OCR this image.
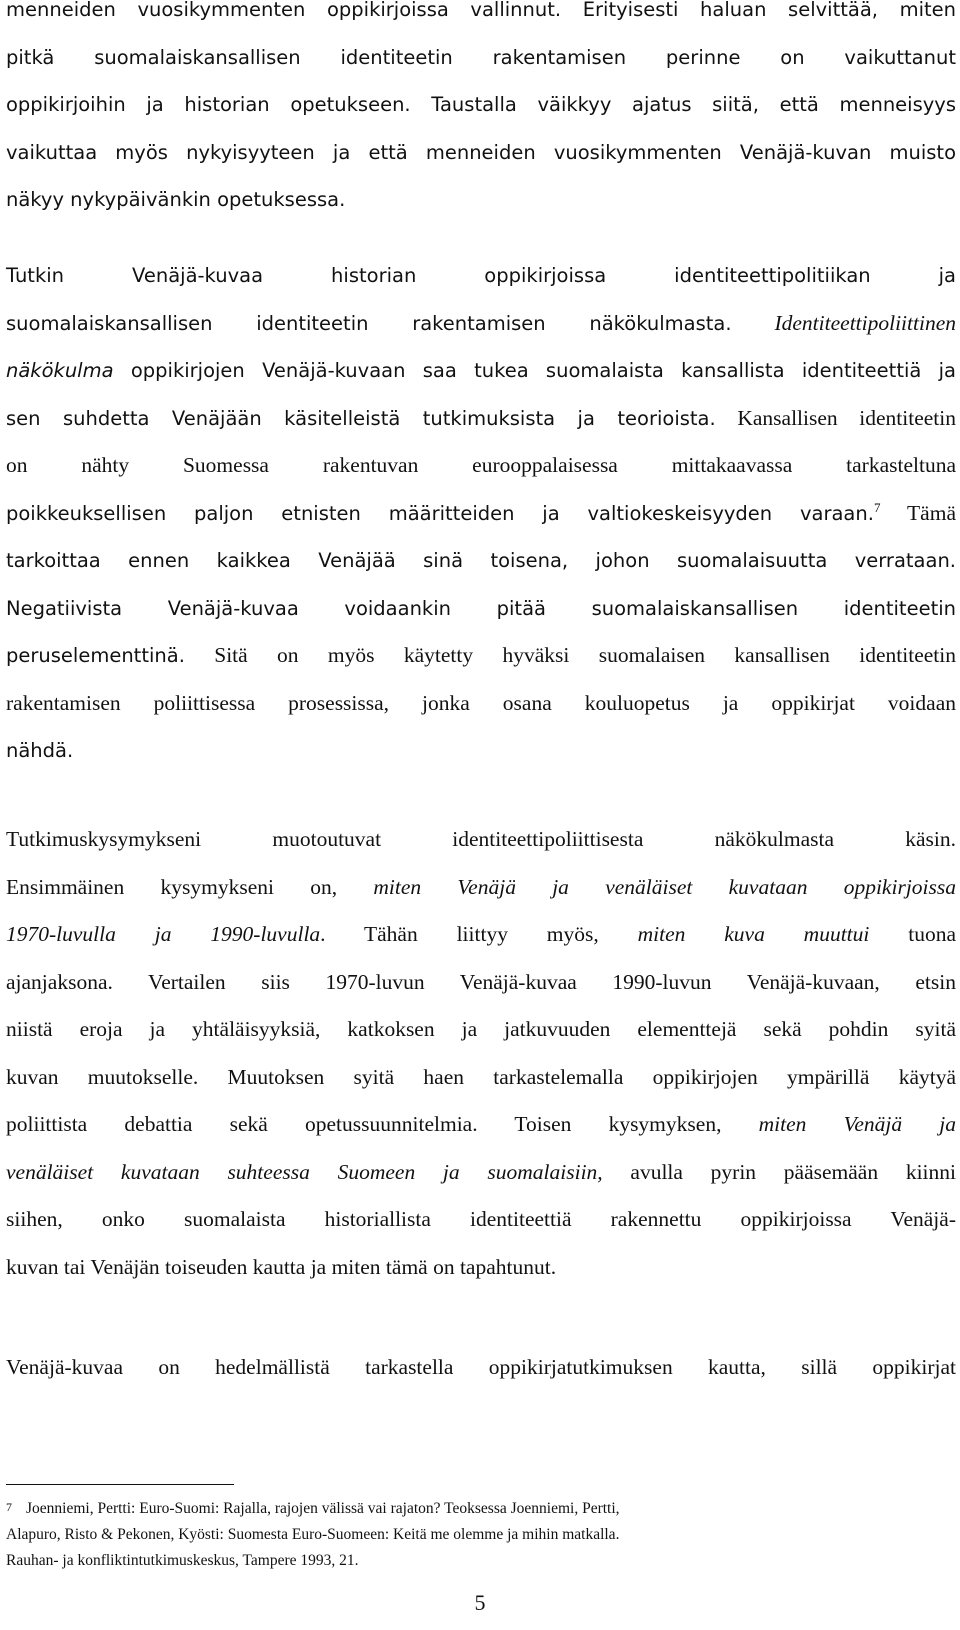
menneiden vuosikymmenten oppikirjoissa vallinnut. Erityisesti haluan selvittää, miten
pitkä suomalaiskansallisen identiteetin rakentamisen perinne on vaikuttanut
oppikirjoihin ja historian opetukseen. Taustalla väikkyy ajatus siitä, että menneisyys
vaikuttaa myös nykyisyyteen ja että menneiden vuosikymmenten Venäjä-kuvan muisto
näkyy nykypäivänkin opetuksessa.
Tutkin Venäjä-kuvaa historian oppikirjoissa identiteettipolitiikan ja
suomalaiskansallisen identiteetin rakentamisen näkökulmasta. Identiteettipoliittinen
näkökulma oppikirjojen Venäjä-kuvaan saa tukea suomalaista kansallista identiteettiä ja
sen suhdetta Venäjään käsitelleistä tutkimuksista ja teorioista. Kansallisen identiteetin
on nähty Suomessa rakentuvan eurooppalaisessa mittakaavassa tarkasteltuna
poikkeuksellisen paljon etnisten määritteiden ja valtiokeskeisyyden varaan.$^7$ Tämä
tarkoittaa ennen kaikkea Venäjää sinä toisena, johon suomalaisuutta verrataan.
Negatiivista Venäjä-kuvaa voidaankin pitää suomalaiskansallisen identiteetin
peruselementtinä. Sitä on myös käytetty hyväksi suomalaisen kansallisen identiteetin
rakentamisen poliittisessa prosessissa, jonka osana kouluopetus ja oppikirjat voidaan
nähdä.
Tutkimuskysymykseni muotoutuvat identiteettipoliittisesta näkökulmasta käsin.
Ensimmäinen kysymykseni on, miten Venäjä ja venäläiset kuvataan oppikirjoissa
1970-luvulla ja 1990-luvulla. Tähän liittyy myös, miten kuva muuttui tuona
ajanjaksona. Vertailen siis 1970-luvun Venäjä-kuvaa 1990-luvun Venäjä-kuvaan, etsin
niistä eroja ja yhtäläisyyksiä, katkoksen ja jatkuvuuden elementtejä sekä pohdin syitä
kuvan muutokselle. Muutoksen syitä haen tarkastelemalla oppikirjojen ympärillä käytyä
poliittista debattia sekä opetussuunnitelmia. Toisen kysymyksen, miten Venäjä ja
venäläiset kuvataan suhteessa Suomeen ja suomalaisiin, avulla pyrin pääsemään kiinni
siihen, onko suomalaista historiallista identiteettiä rakennettu oppikirjoissa Venäjä-
kuvan tai Venäjän toiseuden kautta ja miten tämä on tapahtunut.
Venäjä-kuvaa on hedelmällistä tarkastella oppikirjatutkimuksen kautta, sillä oppikirjat
7 Joenniemi, Pertti: Euro-Suomi: Rajalla, rajojen välissä vai rajaton? Teoksessa Joenniemi, Pertti,
Alapuro, Risto & Pekonen, Kyösti: Suomesta Euro-Suomeen: Keitä me olemme ja mihin matkalla.
Rauhan- ja konfliktintutkimuskeskus, Tampere 1993, 21.
5
